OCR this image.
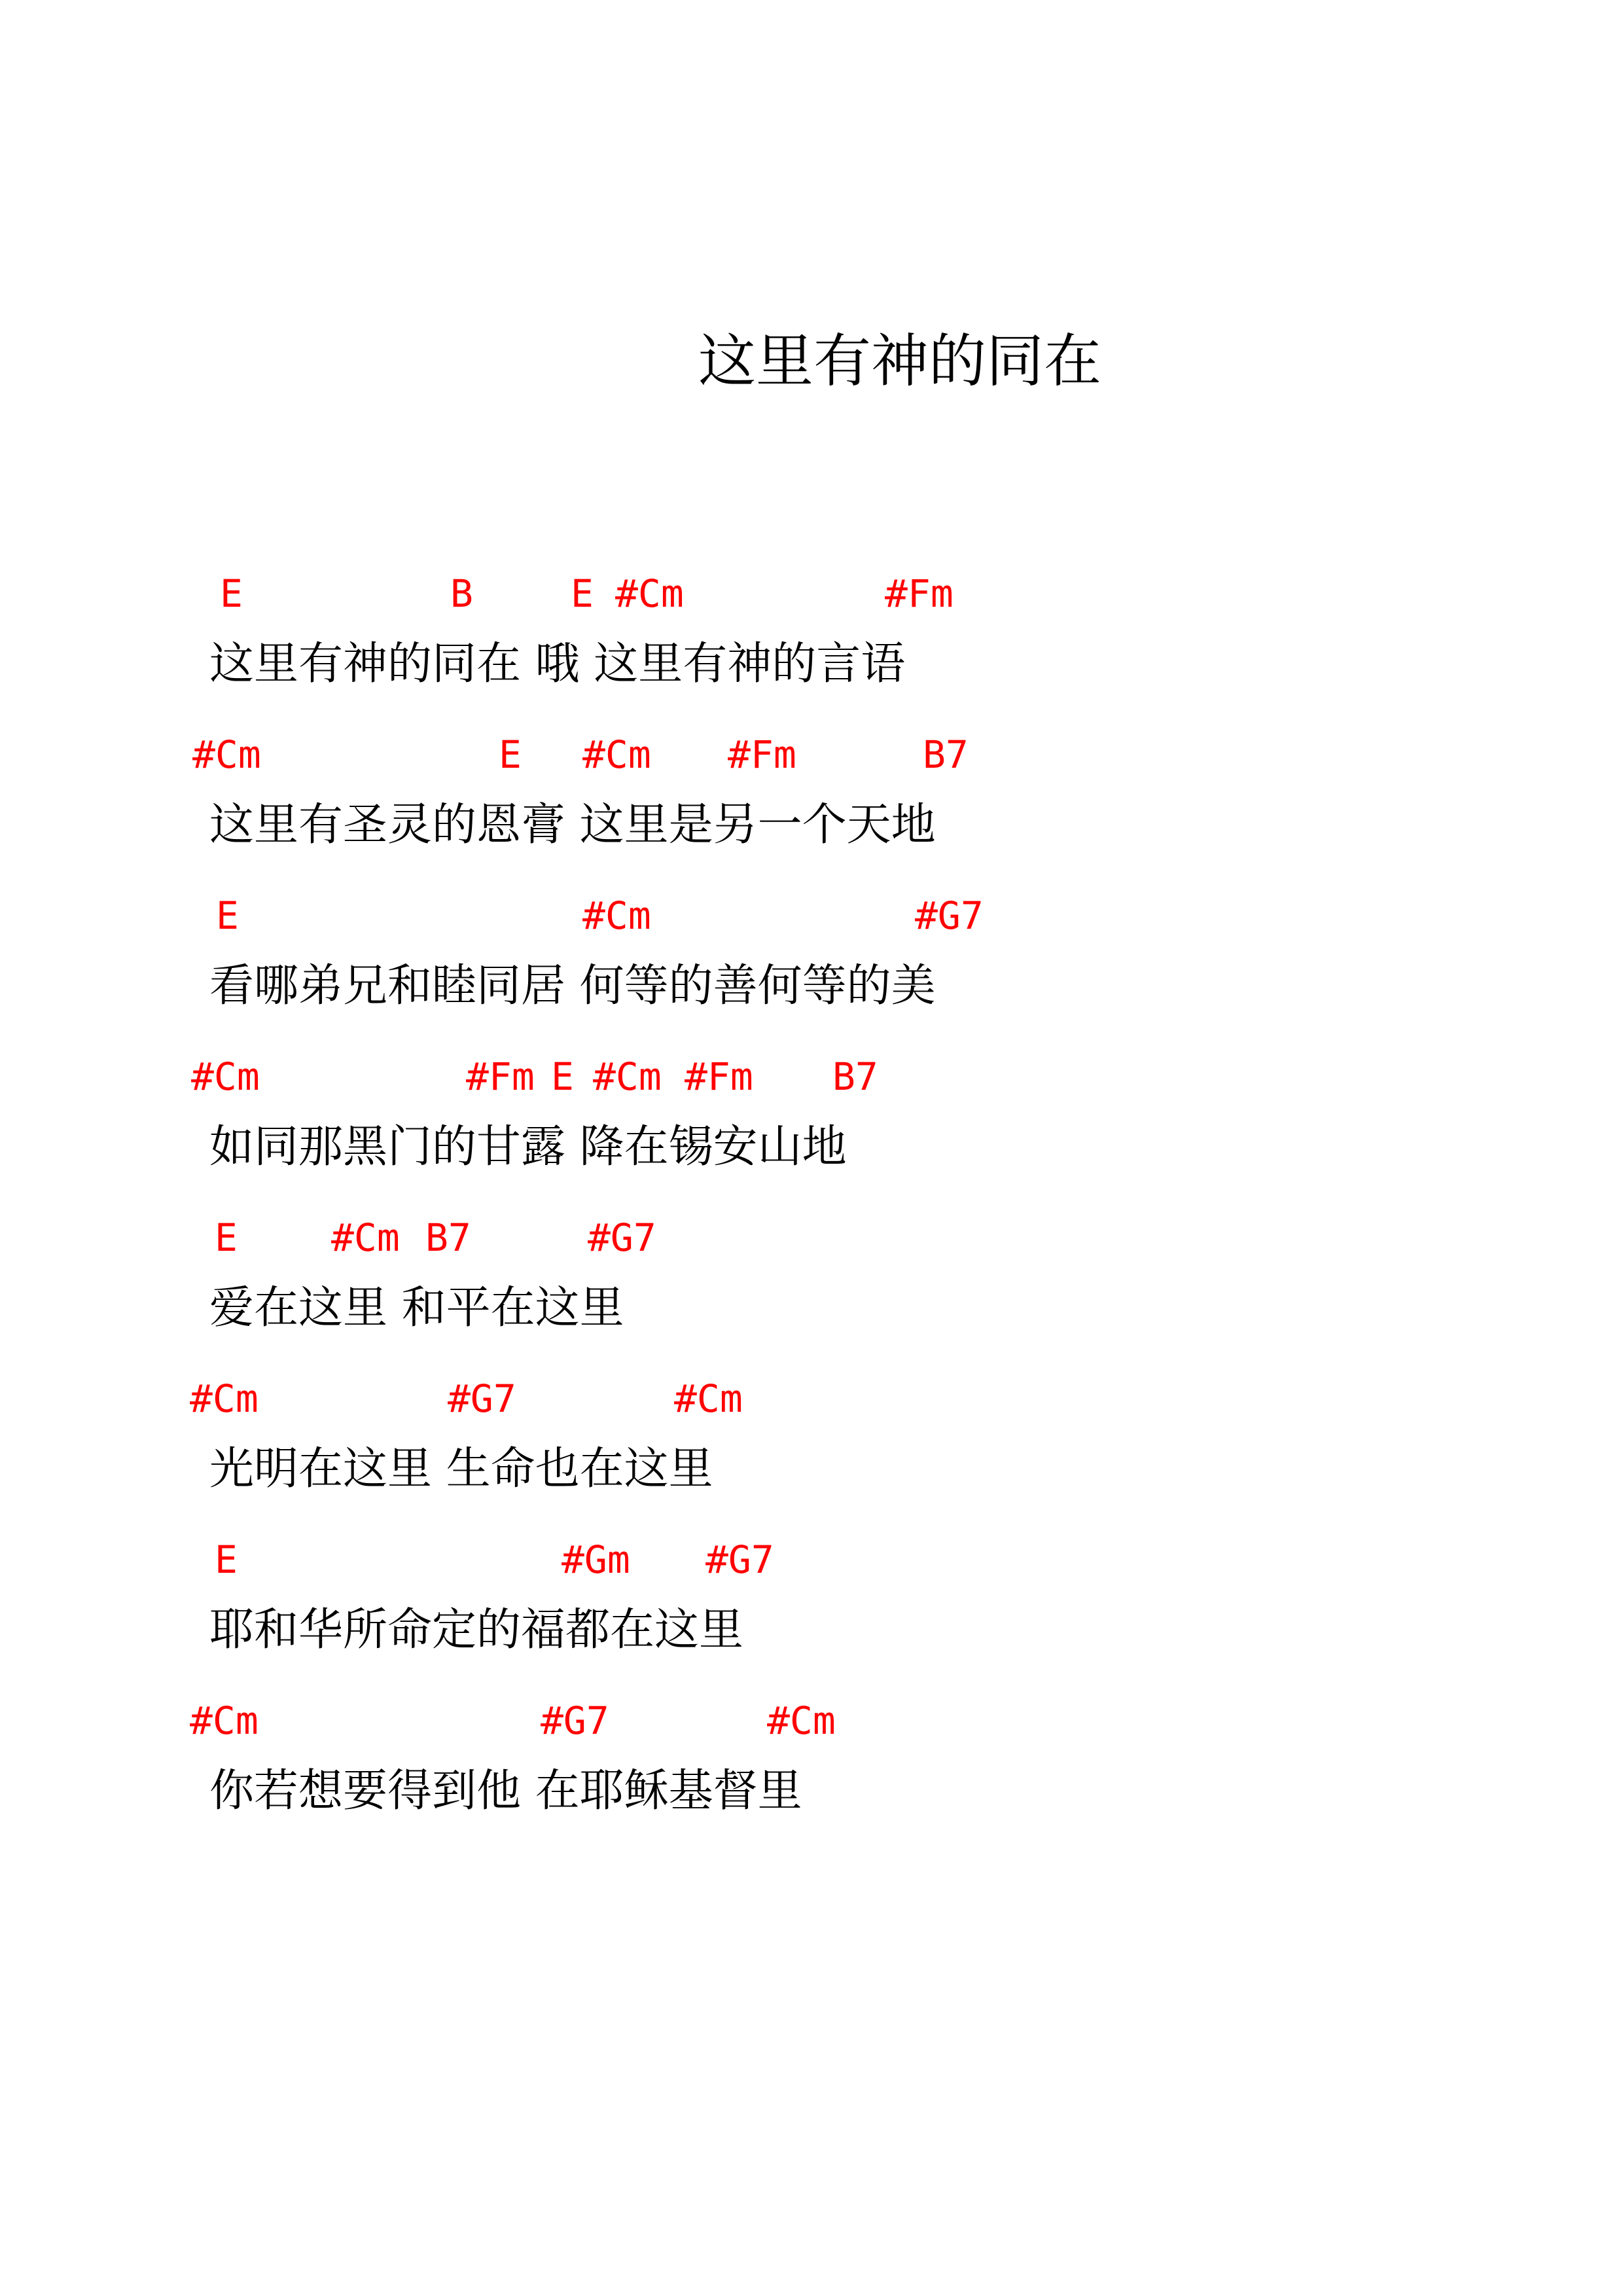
这里有神的同在
E	B	E #Cm	#Fm
这里有神的同在 哦 这里有神的言语
#Cm	E #Cm #Fm	B7
这里有圣灵的恩膏 这里是另一个天地
E	#Cm	#G7
看哪弟兄和睦同居 何等的善何等的美
#Cm	#Fm E #Cm #Fm B7
如同那黑门的甘露 降在锡安山地
E #Cm B7	#G7
爱在这里 和平在这里
#Cm	#G7	#Cm
光明在这里 生命也在这里
E	#Gm #G7
耶和华所命定的福都在这里
#Cm	#G7	#Cm
你若想要得到他 在耶稣基督里
